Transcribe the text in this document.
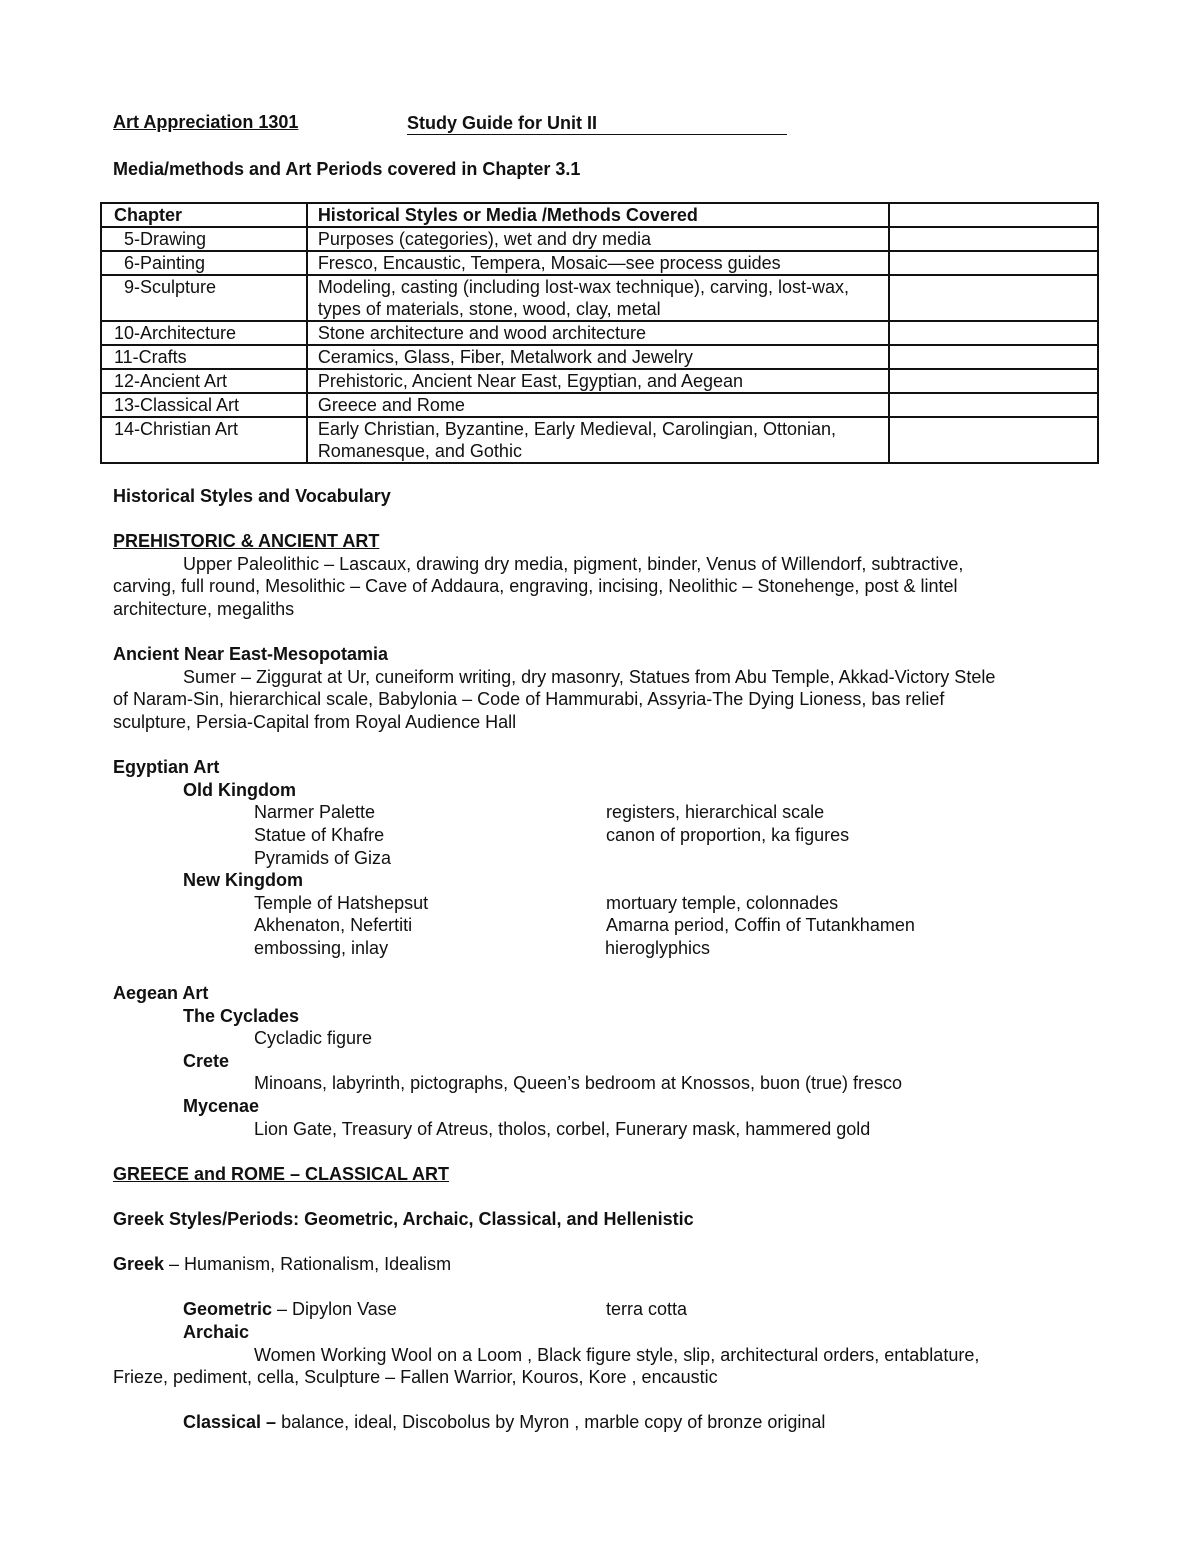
Art Appreciation 1301	Study Guide for Unit II
Media/methods and Art Periods covered in Chapter 3.1
Chapter	Historical Styles or Media /Methods Covered	
5-Drawing	Purposes (categories), wet and dry media	
6-Painting	Fresco, Encaustic, Tempera, Mosaic—see process guides	
9-Sculpture	Modeling, casting (including lost-wax technique), carving, lost-wax, types of materials, stone, wood, clay, metal	
10-Architecture	Stone architecture and wood architecture	
11-Crafts	Ceramics, Glass, Fiber, Metalwork and Jewelry	
12-Ancient Art	Prehistoric, Ancient Near East, Egyptian, and Aegean	
13-Classical Art	Greece and Rome	
14-Christian Art	Early Christian, Byzantine, Early Medieval, Carolingian, Ottonian, Romanesque, and Gothic	
Historical Styles and Vocabulary
PREHISTORIC & ANCIENT ART
Upper Paleolithic – Lascaux, drawing dry media, pigment, binder, Venus of Willendorf, subtractive,
carving, full round, Mesolithic – Cave of Addaura, engraving, incising, Neolithic – Stonehenge, post & lintel
architecture, megaliths
Ancient Near East-Mesopotamia
Sumer – Ziggurat at Ur, cuneiform writing, dry masonry, Statues from Abu Temple, Akkad-Victory Stele
of Naram-Sin, hierarchical scale, Babylonia – Code of Hammurabi, Assyria-The Dying Lioness, bas relief
sculpture, Persia-Capital from Royal Audience Hall
Egyptian Art
Old Kingdom
Narmer Palette	registers, hierarchical scale
Statue of Khafre	canon of proportion, ka figures
Pyramids of Giza
New Kingdom
Temple of Hatshepsut	mortuary temple, colonnades
Akhenaton, Nefertiti	Amarna period, Coffin of Tutankhamen
embossing, inlay	hieroglyphics
Aegean Art
The Cyclades
Cycladic figure
Crete
Minoans, labyrinth, pictographs, Queen’s bedroom at Knossos, buon (true) fresco
Mycenae
Lion Gate, Treasury of Atreus, tholos, corbel, Funerary mask, hammered gold
GREECE and ROME – CLASSICAL ART
Greek Styles/Periods: Geometric, Archaic, Classical, and Hellenistic
Greek – Humanism, Rationalism, Idealism
Geometric – Dipylon Vase	terra cotta
Archaic
Women Working Wool on a Loom , Black figure style, slip, architectural orders, entablature,
Frieze, pediment, cella, Sculpture – Fallen Warrior, Kouros, Kore , encaustic
Classical – balance, ideal, Discobolus by Myron , marble copy of bronze original
